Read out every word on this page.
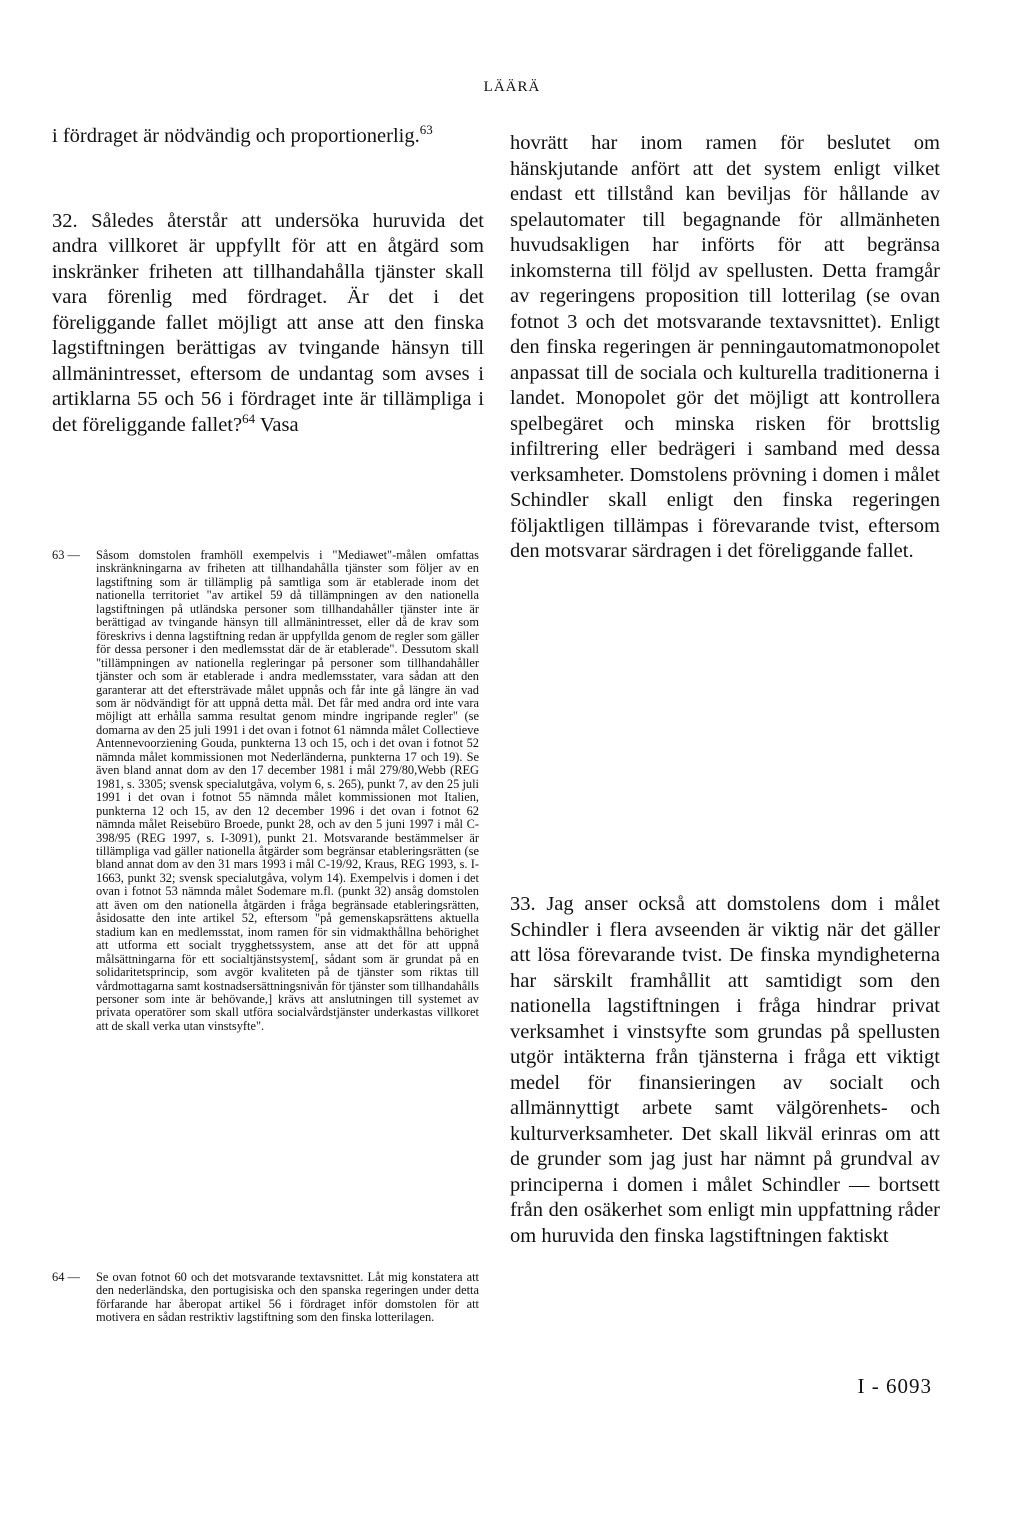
LÄÄRÄ

i fördraget är nödvändig och proportionerlig.$^{63}$

32. Således återstår att undersöka huruvida det andra villkoret är uppfyllt för att en åtgärd som inskränker friheten att tillhandahålla tjänster skall vara förenlig med fördraget. Är det i det föreliggande fallet möjligt att anse att den finska lagstiftningen berättigas av tvingande hänsyn till allmänintresset, eftersom de undantag som avses i artiklarna 55 och 56 i fördraget inte är tillämpliga i det föreliggande fallet?$^{64}$ Vasa

63 — Såsom domstolen framhöll exempelvis i "Mediawet"-målen omfattas inskränkningarna av friheten att tillhandahålla tjänster som följer av en lagstiftning som är tillämplig på samtliga som är etablerade inom det nationella territoriet "av artikel 59 då tillämpningen av den nationella lagstiftningen på utländska personer som tillhandahåller tjänster inte är berättigad av tvingande hänsyn till allmänintresset, eller då de krav som föreskrivs i denna lagstiftning redan är uppfyllda genom de regler som gäller för dessa personer i den medlemsstat där de är etablerade". Dessutom skall "tillämpningen av nationella regleringar på personer som tillhandahåller tjänster och som är etablerade i andra medlemsstater, vara sådan att den garanterar att det eftersträvade målet uppnås och får inte gå längre än vad som är nödvändigt för att uppnå detta mål. Det får med andra ord inte vara möjligt att erhålla samma resultat genom mindre ingripande regler" (se domarna av den 25 juli 1991 i det ovan i fotnot 61 nämnda målet Collectieve Antennevoorziening Gouda, punkterna 13 och 15, och i det ovan i fotnot 52 nämnda målet kommissionen mot Nederländerna, punkterna 17 och 19). Se även bland annat dom av den 17 december 1981 i mål 279/80,Webb (REG 1981, s. 3305; svensk specialutgåva, volym 6, s. 265), punkt 7, av den 25 juli 1991 i det ovan i fotnot 55 nämnda målet kommissionen mot Italien, punkterna 12 och 15, av den 12 december 1996 i det ovan i fotnot 62 nämnda målet Reisebüro Broede, punkt 28, och av den 5 juni 1997 i mål C-398/95 (REG 1997, s. I-3091), punkt 21. Motsvarande bestämmelser är tillämpliga vad gäller nationella åtgärder som begränsar etableringsrätten (se bland annat dom av den 31 mars 1993 i mål C-19/92, Kraus, REG 1993, s. I-1663, punkt 32; svensk specialutgåva, volym 14). Exempelvis i domen i det ovan i fotnot 53 nämnda målet Sodemare m.fl. (punkt 32) ansåg domstolen att även om den nationella åtgärden i fråga begränsade etableringsrätten, åsidosatte den inte artikel 52, eftersom "på gemenskapsrättens aktuella stadium kan en medlemsstat, inom ramen för sin vidmakthållna behörighet att utforma ett socialt trygghetssystem, anse att det för att uppnå målsättningarna för ett socialtjänstsystem[, sådant som är grundat på en solidaritetsprincip, som avgör kvaliteten på de tjänster som riktas till vårdmottagarna samt kostnadsersättningsnivån för tjänster som tillhandahålls personer som inte är behövande,] krävs att anslutningen till systemet av privata operatörer som skall utföra socialvårdstjänster underkastas villkoret att de skall verka utan vinstsyfte".
64 — Se ovan fotnot 60 och det motsvarande textavsnittet. Låt mig konstatera att den nederländska, den portugisiska och den spanska regeringen under detta förfarande har åberopat artikel 56 i fördraget inför domstolen för att motivera en sådan restriktiv lagstiftning som den finska lotterilagen.

hovrätt har inom ramen för beslutet om hänskjutande anfört att det system enligt vilket endast ett tillstånd kan beviljas för hållande av spelautomater till begagnande för allmänheten huvudsakligen har införts för att begränsa inkomsterna till följd av spellusten. Detta framgår av regeringens proposition till lotterilag (se ovan fotnot 3 och det motsvarande textavsnittet). Enligt den finska regeringen är penningautomatmonopolet anpassat till de sociala och kulturella traditionerna i landet. Monopolet gör det möjligt att kontrollera spelbegäret och minska risken för brottslig infiltrering eller bedrägeri i samband med dessa verksamheter. Domstolens prövning i domen i målet Schindler skall enligt den finska regeringen följaktligen tillämpas i förevarande tvist, eftersom den motsvarar särdragen i det föreliggande fallet.

33. Jag anser också att domstolens dom i målet Schindler i flera avseenden är viktig när det gäller att lösa förevarande tvist. De finska myndigheterna har särskilt framhållit att samtidigt som den nationella lagstiftningen i fråga hindrar privat verksamhet i vinstsyfte som grundas på spellusten utgör intäkterna från tjänsterna i fråga ett viktigt medel för finansieringen av socialt och allmännyttigt arbete samt välgörenhets- och kulturverksamheter. Det skall likväl erinras om att de grunder som jag just har nämnt på grundval av principerna i domen i målet Schindler — bortsett från den osäkerhet som enligt min uppfattning råder om huruvida den finska lagstiftningen faktiskt

I - 6093
